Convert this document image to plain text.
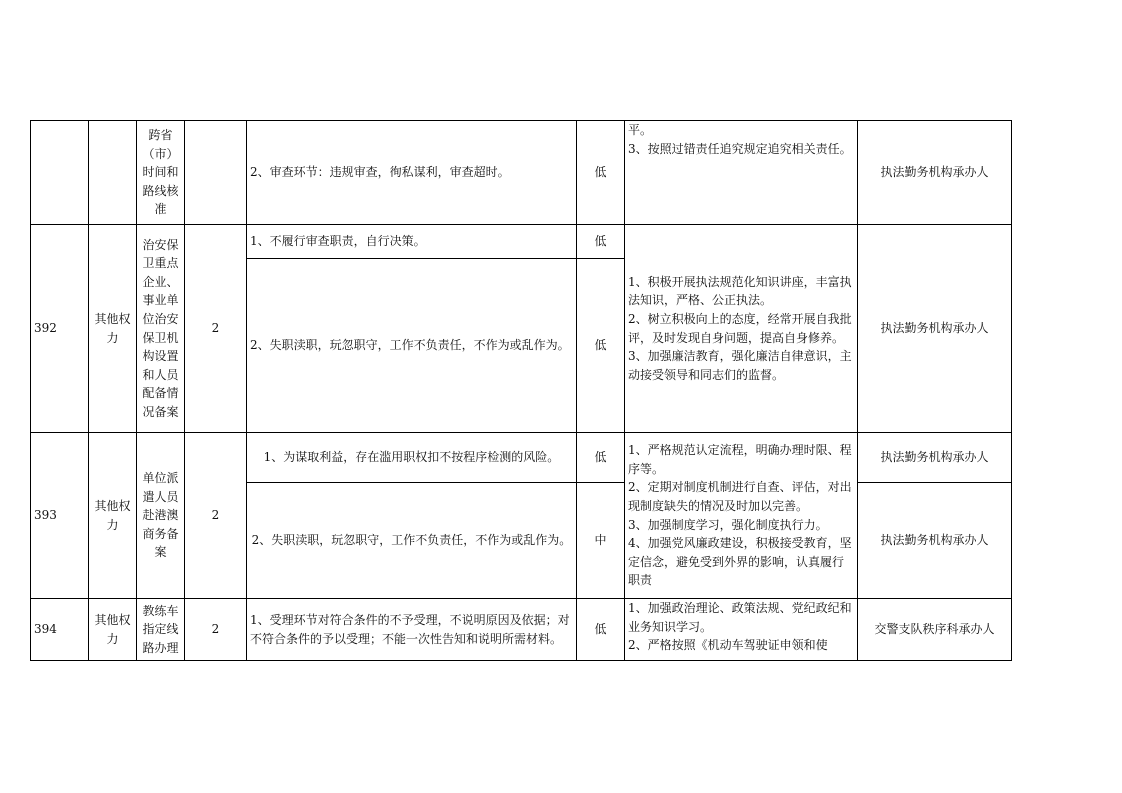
		跨省（市）时间和路线核准		2、审查环节：违规审查，徇私谋利，审查超时。	低	平。
3、按照过错责任追究规定追究相关责任。	执法勤务机构承办人
392	其他权力	治安保卫重点企业、事业单位治安保卫机构设置和人员配备情况备案	2	1、不履行审查职责，自行决策。	低	1、积极开展执法规范化知识讲座，丰富执法知识，严格、公正执法。
2、树立积极向上的态度，经常开展自我批评，及时发现自身问题，提高自身修养。
3、加强廉洁教育，强化廉洁自律意识，主动接受领导和同志们的监督。	执法勤务机构承办人
				2、失职渎职，玩忽职守，工作不负责任，不作为或乱作为。	低		
393	其他权力	单位派遣人员赴港澳商务备案	2	1、为谋取利益，存在滥用职权扣不按程序检测的风险。	低	1、严格规范认定流程，明确办理时限、程序等。
2、定期对制度机制进行自查、评估，对出现制度缺失的情况及时加以完善。
3、加强制度学习，强化制度执行力。
4、加强党风廉政建设，积极接受教育，坚定信念，避免受到外界的影响，认真履行职责	执法勤务机构承办人
				2、失职渎职，玩忽职守，工作不负责任，不作为或乱作为。	中		执法勤务机构承办人
394	其他权力	教练车指定线路办理	2	1、受理环节对符合条件的不予受理，不说明原因及依据；对不符合条件的予以受理；不能一次性告知和说明所需材料。	低	1、加强政治理论、政策法规、党纪政纪和业务知识学习。
2、严格按照《机动车驾驶证申领和使	交警支队秩序科承办人
